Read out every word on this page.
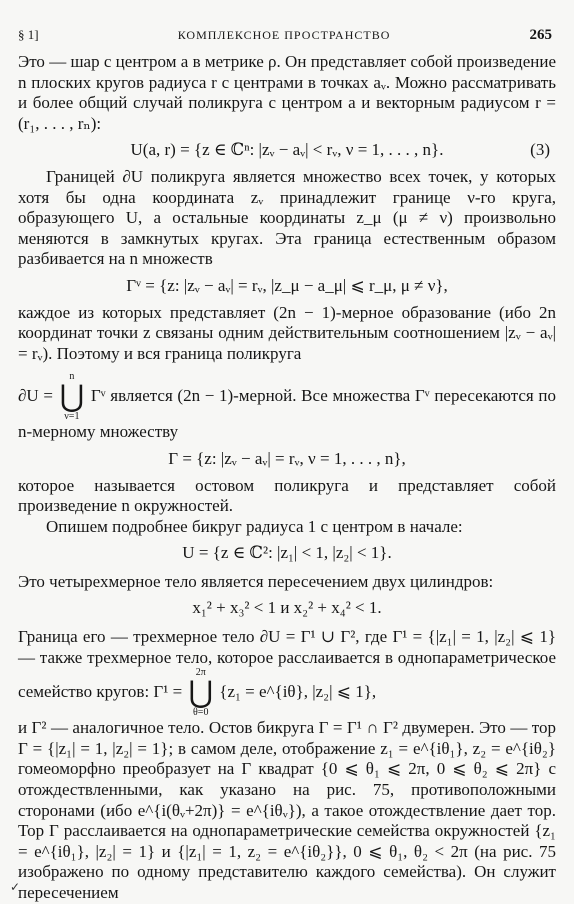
§ 1]	КОМПЛЕКСНОЕ ПРОСТРАНСТВО	265

Это — шар с центром a в метрике ρ. Он представляет собой произведение n плоских кругов радиуса r с центрами в точках aᵥ. Можно рассматривать и более общий случай поликруга с центром a и векторным радиусом r = (r₁, . . . , rₙ):

U(a, r) = {z ∈ ℂⁿ: |zᵥ − aᵥ| < rᵥ, ν = 1, . . . , n}.	(3)

Границей ∂U поликруга является множество всех точек, у которых хотя бы одна координата zᵥ принадлежит границе ν-го круга, образующего U, а остальные координаты z_μ (μ ≠ ν) произвольно меняются в замкнутых кругах. Эта граница естественным образом разбивается на n множеств

Γᵛ = {z: |zᵥ − aᵥ| = rᵥ, |z_μ − a_μ| ⩽ r_μ, μ ≠ ν},

каждое из которых представляет (2n − 1)-мерное образование (ибо 2n координат точки z связаны одним действительным соотношением |zᵥ − aᵥ| = rᵥ). Поэтому и вся граница поликруга

∂U =
n
⋃
ν=1
Γᵛ является (2n − 1)-мерной. Все множества Γᵛ пересекаются по n-мерному множеству

Γ = {z: |zᵥ − aᵥ| = rᵥ, ν = 1, . . . , n},

которое называется остовом поликруга и представляет собой произведение n окружностей.

Опишем подробнее бикруг радиуса 1 с центром в начале:

U = {z ∈ ℂ²: |z₁| < 1, |z₂| < 1}.

Это четырехмерное тело является пересечением двух цилиндров:

x₁² + x₃² < 1 и x₂² + x₄² < 1.

Граница его — трехмерное тело ∂U = Γ¹ ∪ Γ², где Γ¹ = {|z₁| = 1, |z₂| ⩽ 1} — также трехмерное тело, которое расслаивается в однопараметрическое семейство кругов: Γ¹ =
2π
⋃
θ=0
{z₁ = e^{iθ}, |z₂| ⩽ 1},

и Γ² — аналогичное тело. Остов бикруга Γ = Γ¹ ∩ Γ² двумерен. Это — тор Γ = {|z₁| = 1, |z₂| = 1}; в самом деле, отображение z₁ = e^{iθ₁}, z₂ = e^{iθ₂} гомеоморфно преобразует на Γ квадрат {0 ⩽ θ₁ ⩽ 2π, 0 ⩽ θ₂ ⩽ 2π} с отождествленными, как указано на рис. 75, противоположными сторонами (ибо e^{i(θᵥ+2π)} = e^{iθᵥ}), а такое отождествление дает тор. Тор Γ расслаивается на однопараметрические семейства окружностей {z₁ = e^{iθ₁}, |z₂| = 1} и {|z₁| = 1, z₂ = e^{iθ₂}}, 0 ⩽ θ₁, θ₂ < 2π (на рис. 75 изображено по одному представителю каждого семейства). Он служит пересечением

✓
